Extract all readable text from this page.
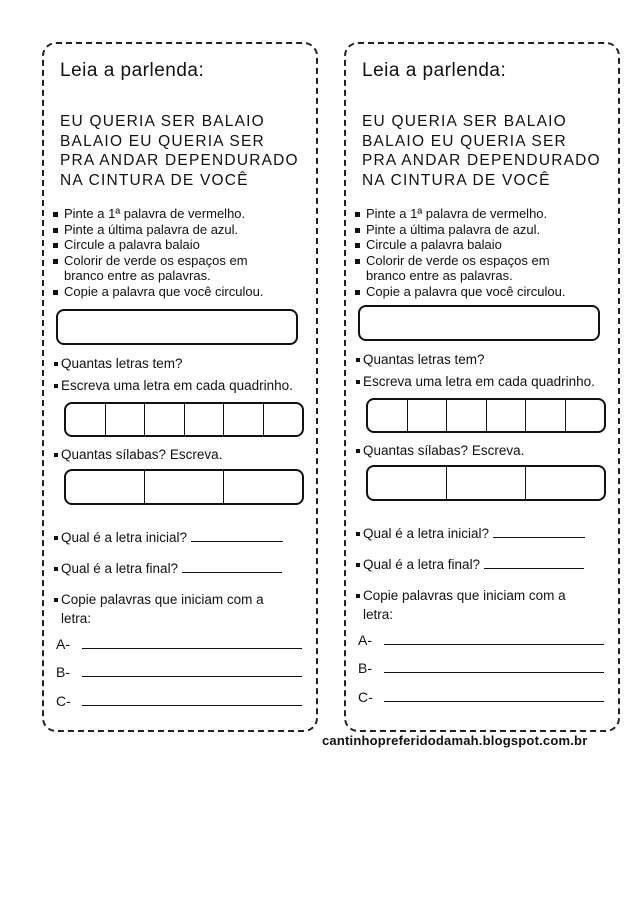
Leia a parlenda:
EU QUERIA SER BALAIO
BALAIO EU QUERIA SER
PRA ANDAR DEPENDURADO
NA CINTURA DE VOCÊ
Pinte a 1ª palavra de vermelho.
Pinte a última palavra de azul.
Circule a palavra balaio
Colorir de verde os espaços em
branco entre as palavras.
Copie a palavra que você circulou.
Quantas letras tem?
Escreva uma letra em cada quadrinho.
Quantas sílabas? Escreva.
Qual é a letra inicial?
Qual é a letra final?
Copie palavras que iniciam com a
letra:
A-
B-
C-
Leia a parlenda:
EU QUERIA SER BALAIO
BALAIO EU QUERIA SER
PRA ANDAR DEPENDURADO
NA CINTURA DE VOCÊ
Pinte a 1ª palavra de vermelho.
Pinte a última palavra de azul.
Circule a palavra balaio
Colorir de verde os espaços em
branco entre as palavras.
Copie a palavra que você circulou.
Quantas letras tem?
Escreva uma letra em cada quadrinho.
Quantas sílabas? Escreva.
Qual é a letra inicial?
Qual é a letra final?
Copie palavras que iniciam com a
letra:
A-
B-
C-
cantinhopreferidodamah.blogspot.com.br
